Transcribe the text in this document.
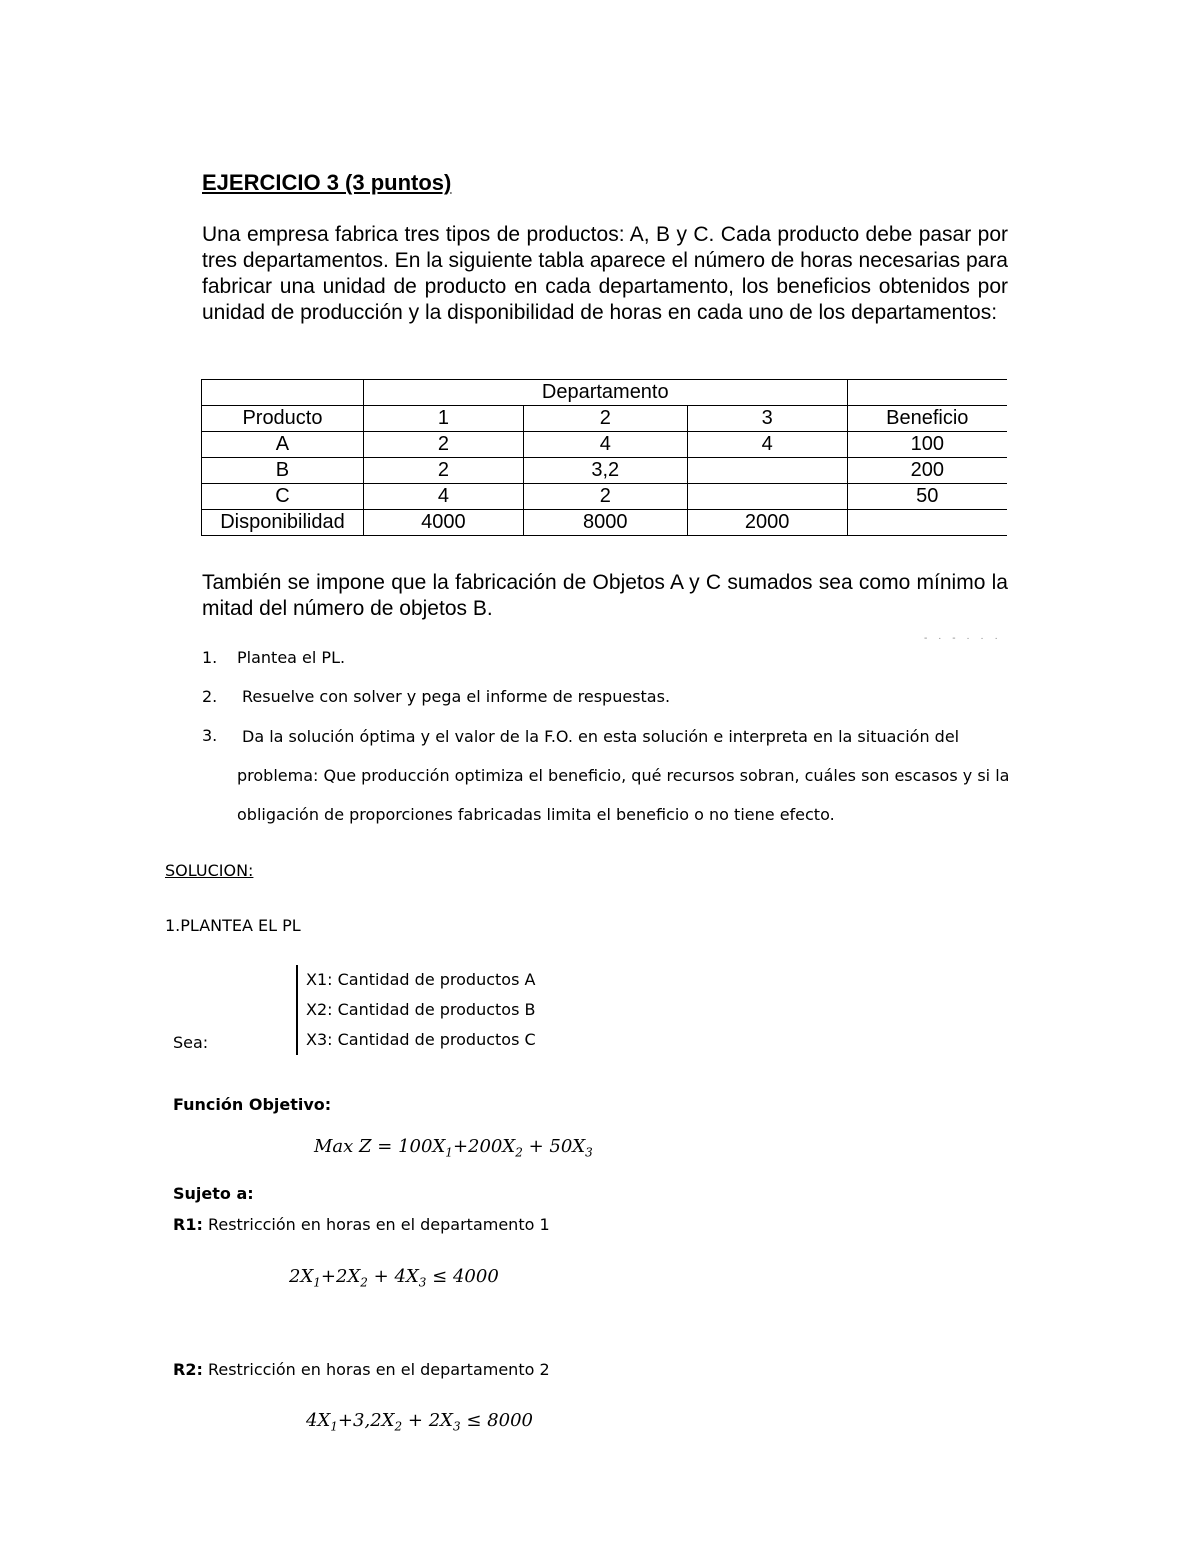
EJERCICIO 3 (3 puntos)
Una empresa fabrica tres tipos de productos: A, B y C. Cada producto debe pasar por tres departamentos. En la siguiente tabla aparece el número de horas necesarias para fabricar una unidad de producto en cada departamento, los beneficios obtenidos por unidad de producción y la disponibilidad de horas en cada uno de los departamentos:
	Departamento			
Producto	1	2	3	Beneficio
A	2	4	4	100
B	2	3,2		200
C	4	2		50
Disponibilidad	4000	8000	2000	
También se impone que la fabricación de Objetos A y C sumados sea como mínimo la mitad del número de objetos B.
- · - · · ·
1.	Plantea el PL.
2.	Resuelve con solver y pega el informe de respuestas.
3.	Da la solución óptima y el valor de la F.O. en esta solución e interpreta en la situación del problema: Que producción optimiza el beneficio, qué recursos sobran, cuáles son escasos y si la obligación de proporciones fabricadas limita el beneficio o no tiene efecto.
SOLUCION:
1.PLANTEA EL PL
X1: Cantidad de productos A
X2: Cantidad de productos B
X3: Cantidad de productos C
Sea:
Función Objetivo:
Max $Z = 100X_1+200X_2 + 50X_3$
Sujeto a:
R1: Restricción en horas en el departamento 1
$2X_1+2X_2 + 4X_3 \le 4000$
R2: Restricción en horas en el departamento 2
$4X_1+3,2X_2 + 2X_3 \le 8000$
